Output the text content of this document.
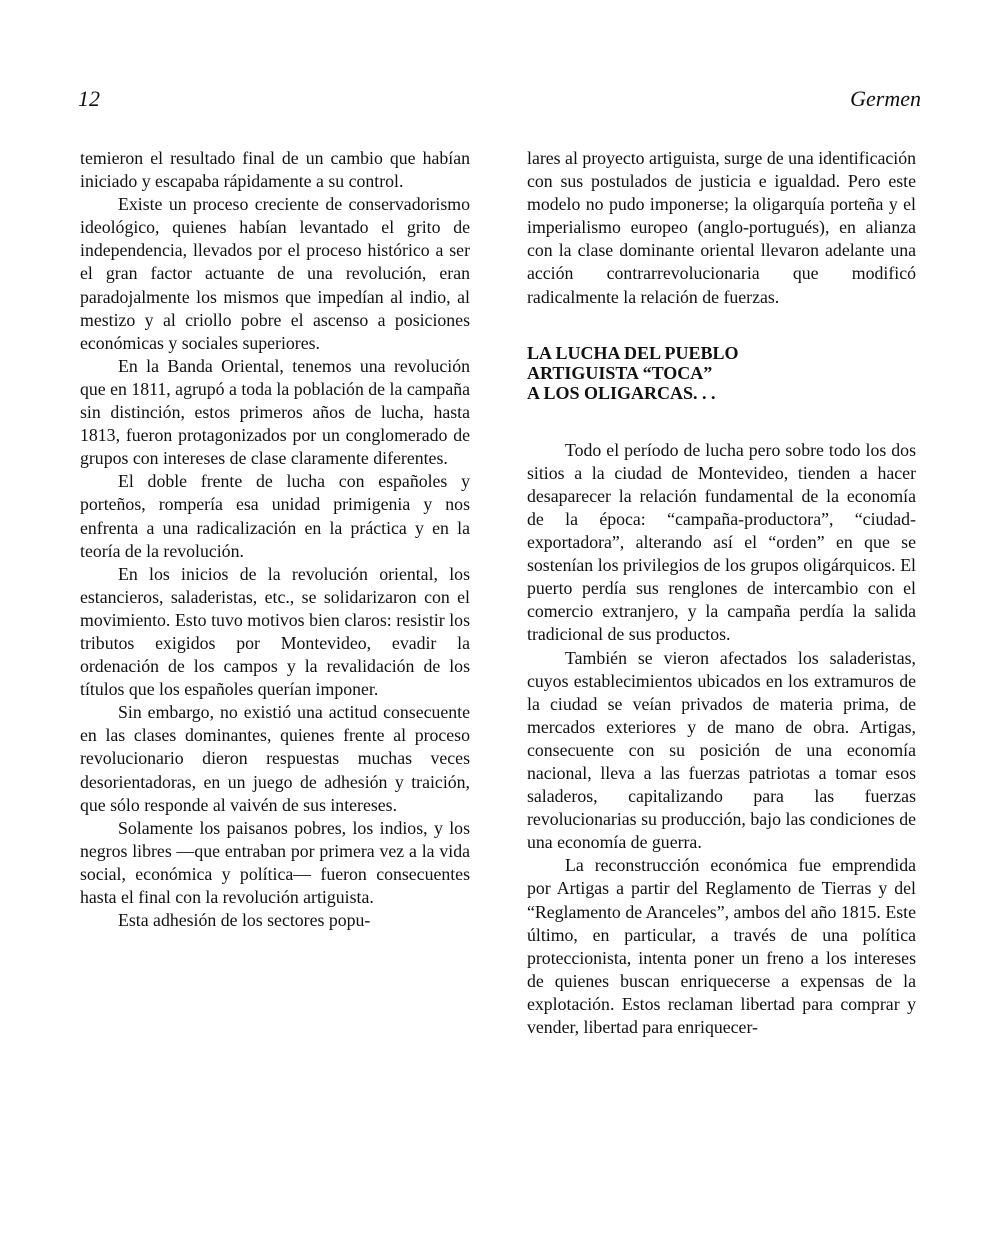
12	Germen

temieron el resultado final de un cambio que habían iniciado y escapaba rápidamente a su control.

Existe un proceso creciente de conservadorismo ideológico, quienes habían levantado el grito de independencia, llevados por el proceso histórico a ser el gran factor actuante de una revolución, eran paradojalmente los mismos que impedían al indio, al mestizo y al criollo pobre el ascenso a posiciones económicas y sociales superiores.

En la Banda Oriental, tenemos una revolución que en 1811, agrupó a toda la población de la campaña sin distinción, estos primeros años de lucha, hasta 1813, fueron protagonizados por un conglomerado de grupos con intereses de clase claramente diferentes.

El doble frente de lucha con españoles y porteños, rompería esa unidad primigenia y nos enfrenta a una radicalización en la práctica y en la teoría de la revolución.

En los inicios de la revolución oriental, los estancieros, saladeristas, etc., se solidarizaron con el movimiento. Esto tuvo motivos bien claros: resistir los tributos exigidos por Montevideo, evadir la ordenación de los campos y la revalidación de los títulos que los españoles querían imponer.

Sin embargo, no existió una actitud consecuente en las clases dominantes, quienes frente al proceso revolucionario dieron respuestas muchas veces desorientadoras, en un juego de adhesión y traición, que sólo responde al vaivén de sus intereses.

Solamente los paisanos pobres, los indios, y los negros libres —que entraban por primera vez a la vida social, económica y política— fueron consecuentes hasta el final con la revolución artiguista.

Esta adhesión de los sectores popu-

lares al proyecto artiguista, surge de una identificación con sus postulados de justicia e igualdad. Pero este modelo no pudo imponerse; la oligarquía porteña y el imperialismo europeo (anglo-portugués), en alianza con la clase dominante oriental llevaron adelante una acción contrarrevolucionaria que modificó radicalmente la relación de fuerzas.

LA LUCHA DEL PUEBLO
ARTIGUISTA “TOCA”
A LOS OLIGARCAS. . .

Todo el período de lucha pero sobre todo los dos sitios a la ciudad de Montevideo, tienden a hacer desaparecer la relación fundamental de la economía de la época: “campaña-productora”, “ciudad-exportadora”, alterando así el “orden” en que se sostenían los privilegios de los grupos oligárquicos. El puerto perdía sus renglones de intercambio con el comercio extranjero, y la campaña perdía la salida tradicional de sus productos.

También se vieron afectados los saladeristas, cuyos establecimientos ubicados en los extramuros de la ciudad se veían privados de materia prima, de mercados exteriores y de mano de obra. Artigas, consecuente con su posición de una economía nacional, lleva a las fuerzas patriotas a tomar esos saladeros, capitalizando para las fuerzas revolucionarias su producción, bajo las condiciones de una economía de guerra.

La reconstrucción económica fue emprendida por Artigas a partir del Reglamento de Tierras y del “Reglamento de Aranceles”, ambos del año 1815. Este último, en particular, a través de una política proteccionista, intenta poner un freno a los intereses de quienes buscan enriquecerse a expensas de la explotación. Estos reclaman libertad para comprar y vender, libertad para enriquecer-
